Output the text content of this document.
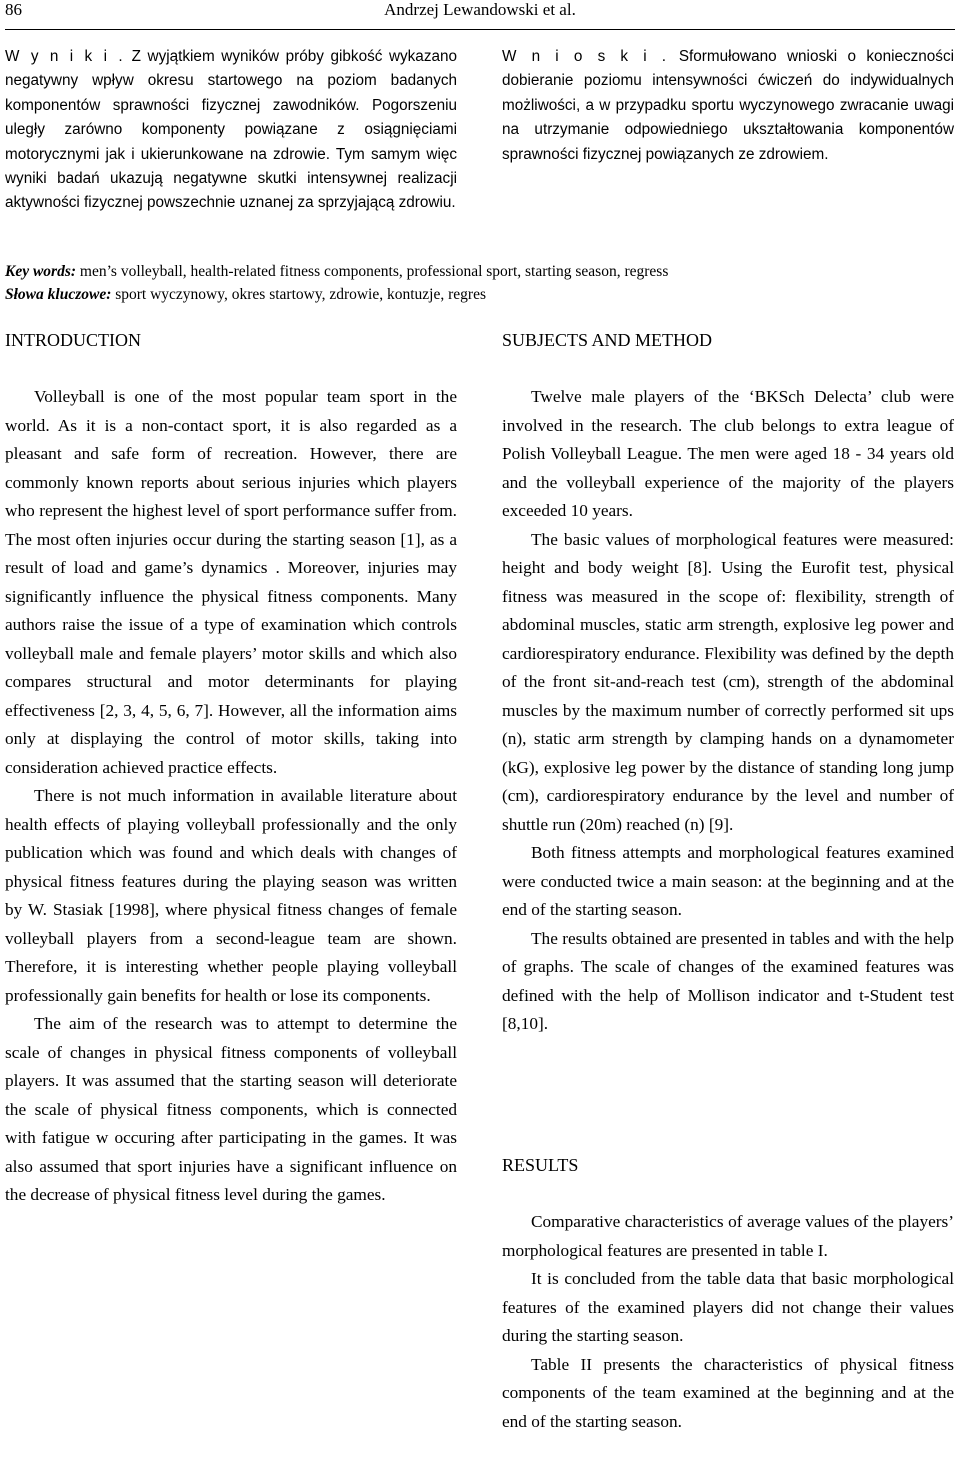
86	Andrzej Lewandowski et al.

W y n i k i . Z wyjątkiem wyników próby gibkość wykazano negatywny wpływ okresu startowego na poziom badanych komponentów sprawności fizycznej zawodników. Pogorszeniu uległy zarówno komponenty powiązane z osiągnięciami motorycznymi jak i ukierunkowane na zdrowie. Tym samym więc wyniki badań ukazują negatywne skutki intensywnej realizacji aktywności fizycznej powszechnie uznanej za sprzyjającą zdrowiu.

W n i o s k i . Sformułowano wnioski o konieczności dobieranie poziomu intensywności ćwiczeń do indywidualnych możliwości, a w przypadku sportu wyczynowego zwracanie uwagi na utrzymanie odpowiedniego ukształtowania komponentów sprawności fizycznej powiązanych ze zdrowiem.

Key words: men’s volleyball, health-related fitness components, professional sport, starting season, regress
Słowa kluczowe: sport wyczynowy, okres startowy, zdrowie, kontuzje, regres

INTRODUCTION	SUBJECTS AND METHOD

Volleyball is one of the most popular team sport in the world. As it is a non-contact sport, it is also regarded as a pleasant and safe form of recreation. However, there are commonly known reports about serious injuries which players who represent the highest level of sport performance suffer from. The most often injuries occur during the starting season [1], as a result of load and game’s dynamics . Moreover, injuries may significantly influence the physical fitness components. Many authors raise the issue of a type of examination which controls volleyball male and female players’ motor skills and which also compares structural and motor determinants for playing effectiveness [2, 3, 4, 5, 6, 7]. However, all the information aims only at displaying the control of motor skills, taking into consideration achieved practice effects.

There is not much information in available literature about health effects of playing volleyball professionally and the only publication which was found and which deals with changes of physical fitness features during the playing season was written by W. Stasiak [1998], where physical fitness changes of female volleyball players from a second-league team are shown. Therefore, it is interesting whether people playing volleyball professionally gain benefits for health or lose its components.

The aim of the research was to attempt to determine the scale of changes in physical fitness components of volleyball players. It was assumed that the starting season will deteriorate the scale of physical fitness components, which is connected with fatigue w occuring after participating in the games. It was also assumed that sport injuries have a significant influence on the decrease of physical fitness level during the games.

Twelve male players of the ‘BKSch Delecta’ club were involved in the research. The club belongs to extra league of Polish Volleyball League. The men were aged 18 - 34 years old and the volleyball experience of the majority of the players exceeded 10 years.

The basic values of morphological features were measured: height and body weight [8]. Using the Eurofit test, physical fitness was measured in the scope of: flexibility, strength of abdominal muscles, static arm strength, explosive leg power and cardiorespiratory endurance. Flexibility was defined by the depth of the front sit-and-reach test (cm), strength of the abdominal muscles by the maximum number of correctly performed sit ups (n), static arm strength by clamping hands on a dynamometer (kG), explosive leg power by the distance of standing long jump (cm), cardiorespiratory endurance by the level and number of shuttle run (20m) reached (n) [9].

Both fitness attempts and morphological features examined were conducted twice a main season: at the beginning and at the end of the starting season.

The results obtained are presented in tables and with the help of graphs. The scale of changes of the examined features was defined with the help of Mollison indicator and t-Student test [8,10].

RESULTS

Comparative characteristics of average values of the players’ morphological features are presented in table I.

It is concluded from the table data that basic morphological features of the examined players did not change their values during the starting season.

Table II presents the characteristics of physical fitness components of the team examined at the beginning and at the end of the starting season.
